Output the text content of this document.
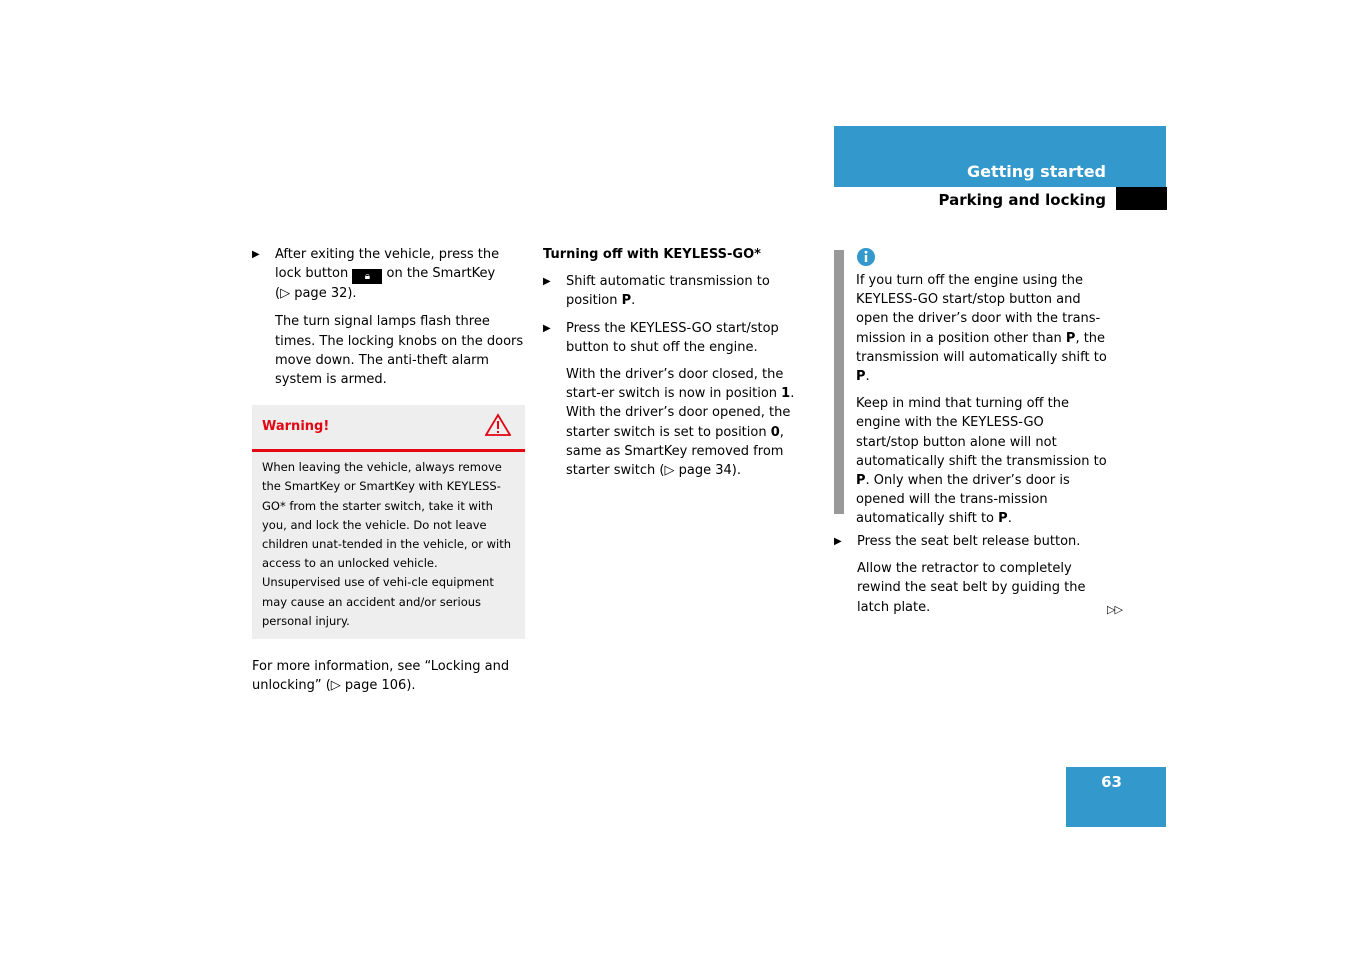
Getting started
Parking and locking

▶ After exiting the vehicle, press the lock button 🔒︎ on the SmartKey (▷ page 32).

The turn signal lamps flash three times. The locking knobs on the doors move down. The anti-theft alarm system is armed.

Warning!
When leaving the vehicle, always remove the SmartKey or SmartKey with KEYLESS-GO* from the starter switch, take it with you, and lock the vehicle. Do not leave children unat-tended in the vehicle, or with access to an unlocked vehicle. Unsupervised use of vehi-cle equipment may cause an accident and/or serious personal injury.

For more information, see “Locking and unlocking” (▷ page 106).

Turning off with KEYLESS-GO*

▶ Shift automatic transmission to position P.

▶ Press the KEYLESS-GO start/stop button to shut off the engine.

With the driver’s door closed, the start-er switch is now in position 1. With the driver’s door opened, the starter switch is set to position 0, same as SmartKey removed from starter switch (▷ page 34).

If you turn off the engine using the KEYLESS-GO start/stop button and open the driver’s door with the trans-mission in a position other than P, the transmission will automatically shift to P.

Keep in mind that turning off the engine with the KEYLESS-GO start/stop button alone will not automatically shift the transmission to P. Only when the driver’s door is opened will the trans-mission automatically shift to P.

▶ Press the seat belt release button.

Allow the retractor to completely rewind the seat belt by guiding the latch plate.	▷▷
63
